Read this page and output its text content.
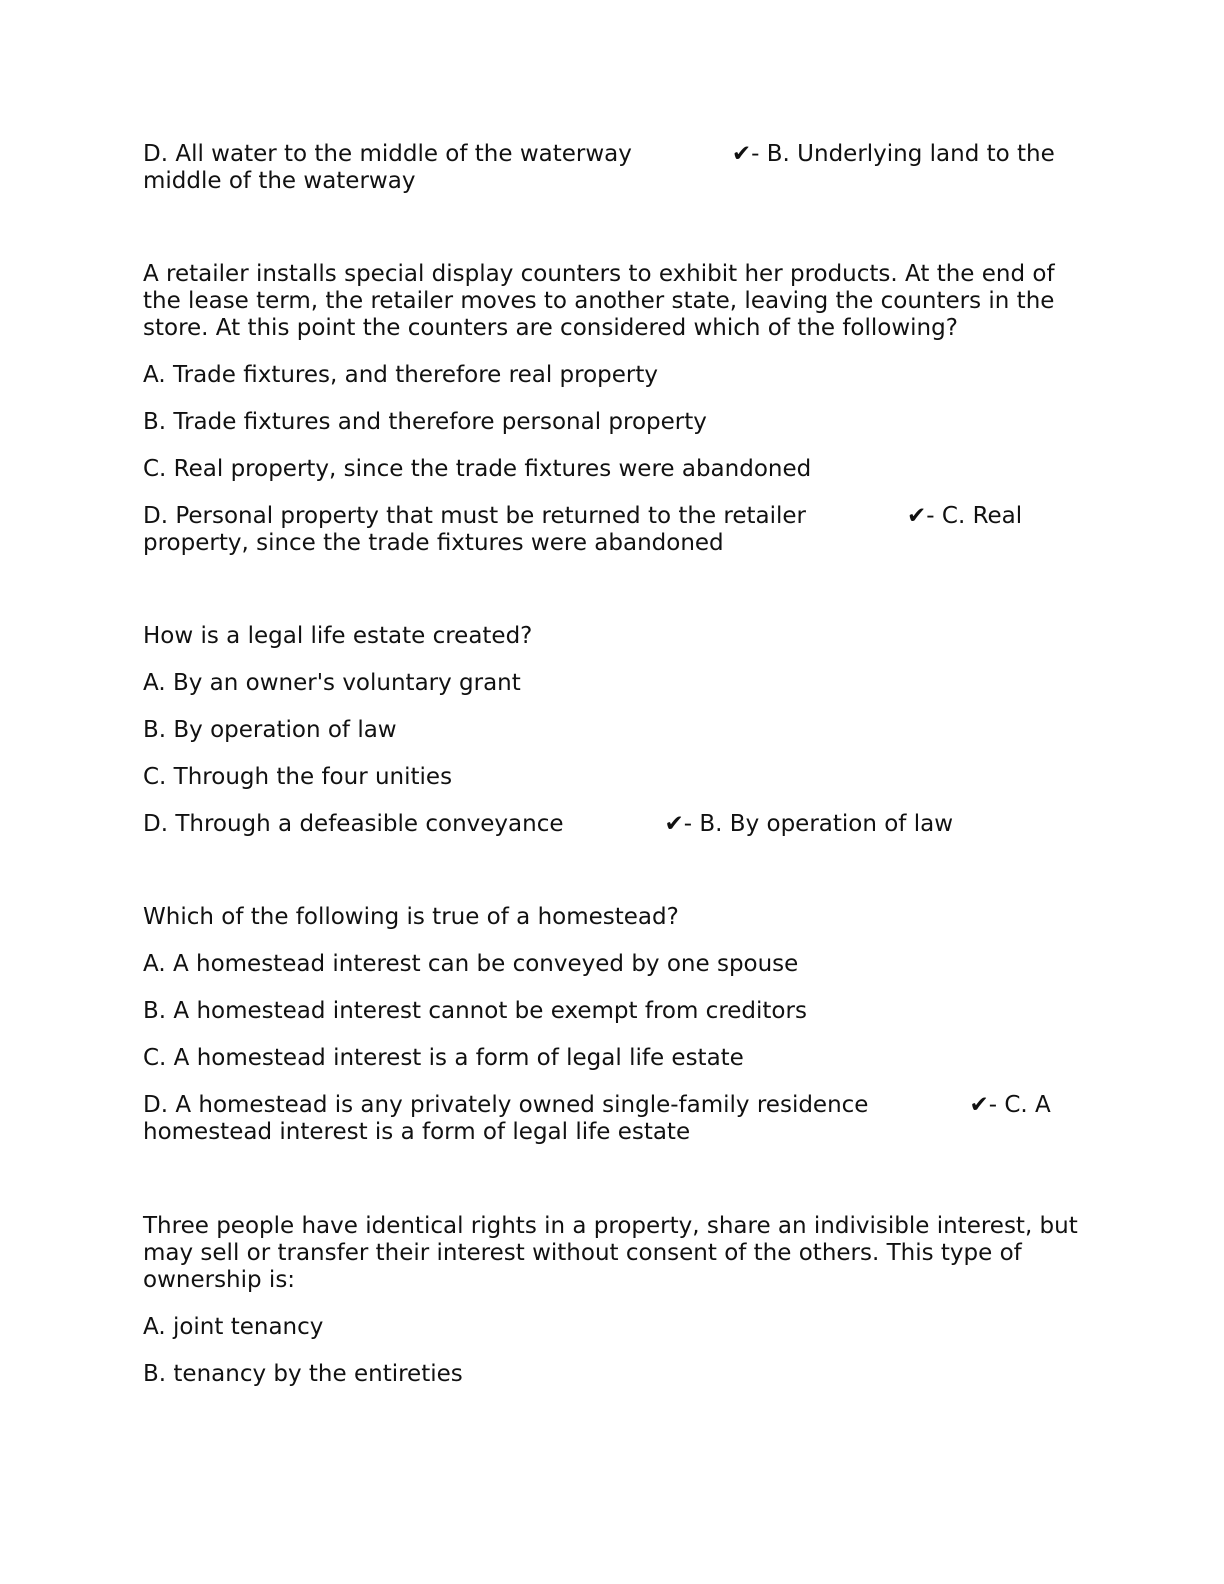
D. All water to the middle of the waterway	✔- B. Underlying land to the middle of the waterway
A retailer installs special display counters to exhibit her products. At the end of the lease term, the retailer moves to another state, leaving the counters in the store. At this point the counters are considered which of the following?
A. Trade fixtures, and therefore real property
B. Trade fixtures and therefore personal property
C. Real property, since the trade fixtures were abandoned
D. Personal property that must be returned to the retailer	✔- C. Real property, since the trade fixtures were abandoned
How is a legal life estate created?
A. By an owner's voluntary grant
B. By operation of law
C. Through the four unities
D. Through a defeasible conveyance	✔- B. By operation of law
Which of the following is true of a homestead?
A. A homestead interest can be conveyed by one spouse
B. A homestead interest cannot be exempt from creditors
C. A homestead interest is a form of legal life estate
D. A homestead is any privately owned single-family residence	✔- C. A homestead interest is a form of legal life estate
Three people have identical rights in a property, share an indivisible interest, but may sell or transfer their interest without consent of the others. This type of ownership is:
A. joint tenancy
B. tenancy by the entireties
